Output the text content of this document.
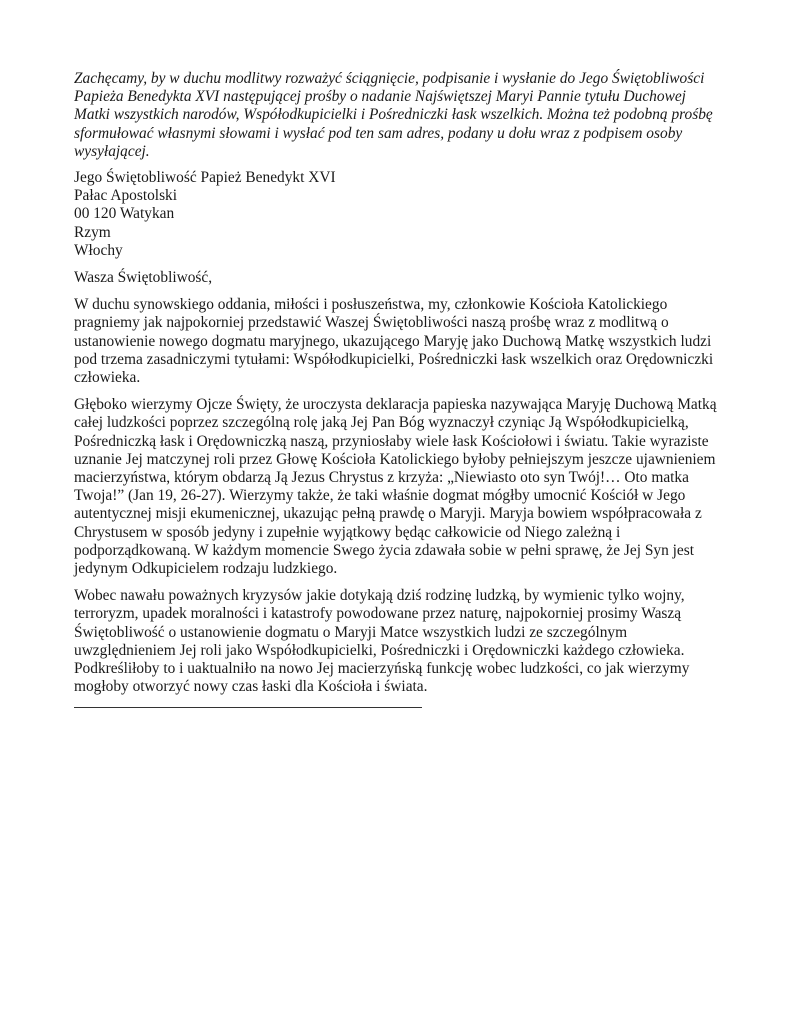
Zachęcamy, by w duchu modlitwy rozważyć ściągnięcie, podpisanie i wysłanie do Jego Świętobliwości Papieża Benedykta XVI następującej prośby o nadanie Najświętszej Maryi Pannie tytułu Duchowej Matki wszystkich narodów, Współodkupicielki i Pośredniczki łask wszelkich. Można też podobną prośbę sformułować własnymi słowami i wysłać pod ten sam adres, podany u dołu wraz z podpisem osoby wysyłającej.

Jego Świętobliwość Papież Benedykt XVI
Pałac Apostolski
00 120 Watykan
Rzym
Włochy

Wasza Świętobliwość,

W duchu synowskiego oddania, miłości i posłuszeństwa, my, członkowie Kościoła Katolickiego pragniemy jak najpokorniej przedstawić Waszej Świętobliwości naszą prośbę wraz z modlitwą o ustanowienie nowego dogmatu maryjnego, ukazującego Maryję jako Duchową Matkę wszystkich ludzi pod trzema zasadniczymi tytułami: Współodkupicielki, Pośredniczki łask wszelkich oraz Orędowniczki człowieka.

Głęboko wierzymy Ojcze Święty, że uroczysta deklaracja papieska nazywająca Maryję Duchową Matką całej ludzkości poprzez szczególną rolę jaką Jej Pan Bóg wyznaczył czyniąc Ją Współodkupicielką, Pośredniczką łask i Orędowniczką naszą, przyniosłaby wiele łask Kościołowi i światu. Takie wyraziste uznanie Jej matczynej roli przez Głowę Kościoła Katolickiego byłoby pełniejszym jeszcze ujawnieniem macierzyństwa, którym obdarzą Ją Jezus Chrystus z krzyża: „Niewiasto oto syn Twój!… Oto matka Twoja!” (Jan 19, 26-27). Wierzymy także, że taki właśnie dogmat mógłby umocnić Kościół w Jego autentycznej misji ekumenicznej, ukazując pełną prawdę o Maryji. Maryja bowiem współpracowała z Chrystusem w sposób jedyny i zupełnie wyjątkowy będąc całkowicie od Niego zależną i podporządkowaną. W każdym momencie Swego życia zdawała sobie w pełni sprawę, że Jej Syn jest jedynym Odkupicielem rodzaju ludzkiego.

Wobec nawału poważnych kryzysów jakie dotykają dziś rodzinę ludzką, by wymienic tylko wojny, terroryzm, upadek moralności i katastrofy powodowane przez naturę, najpokorniej prosimy Waszą Świętobliwość o ustanowienie dogmatu o Maryji Matce wszystkich ludzi ze szczególnym uwzględnieniem Jej roli jako Współodkupicielki, Pośredniczki i Orędowniczki każdego człowieka. Podkreśliłoby to i uaktualniło na nowo Jej macierzyńską funkcję wobec ludzkości, co jak wierzymy mogłoby otworzyć nowy czas łaski dla Kościoła i świata.
